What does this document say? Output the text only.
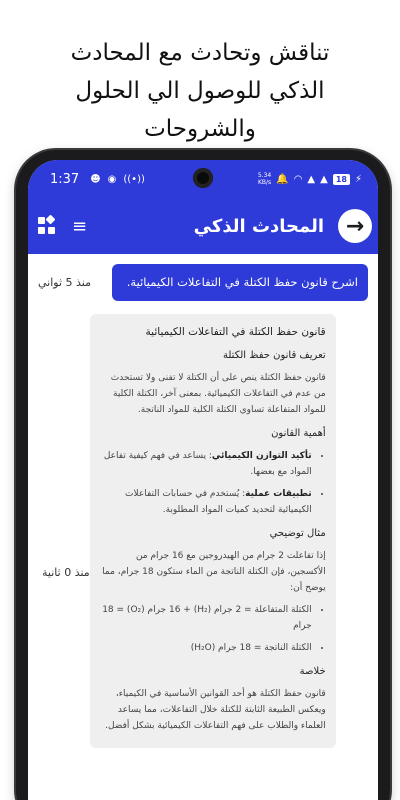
تناقش وتحادث مع المحادث
الذكي للوصول الي الحلول
والشروحات
1:37 ☻ ◉ ((•))	5.34
KB/s 🔔 ◠ ▲ ▲	18 ⚡
→
المحادث الذكي
≡
منذ 5 ثواني	اشرح قانون حفظ الكتلة في التفاعلات الكيميائية.
منذ 0 ثانية
قانون حفظ الكتلة في التفاعلات الكيميائية
تعريف قانون حفظ الكتلة

قانون حفظ الكتلة ينص على أن الكتلة لا تفنى ولا تستحدث من عدم في التفاعلات الكيميائية. بمعنى آخر، الكتلة الكلية للمواد المتفاعلة تساوي الكتلة الكلية للمواد الناتجة.

أهمية القانون
• تأكيد التوازن الكيميائي: يساعد في فهم كيفية تفاعل المواد مع بعضها.
• تطبيقات عملية: يُستخدم في حسابات التفاعلات الكيميائية لتحديد كميات المواد المطلوبة.
مثال توضيحي

إذا تفاعلت 2 جرام من الهيدروجين مع 16 جرام من الأكسجين، فإن الكتلة الناتجة من الماء ستكون 18 جرام، مما يوضح أن:

• الكتلة المتفاعلة = 2 جرام (H₂) + 16 جرام (O₂) = 18 جرام
• الكتلة الناتجة = 18 جرام (H₂O)
خلاصة

قانون حفظ الكتلة هو أحد القوانين الأساسية في الكيمياء، ويعكس الطبيعة الثابتة للكتلة خلال التفاعلات، مما يساعد العلماء والطلاب على فهم التفاعلات الكيميائية بشكل أفضل.
